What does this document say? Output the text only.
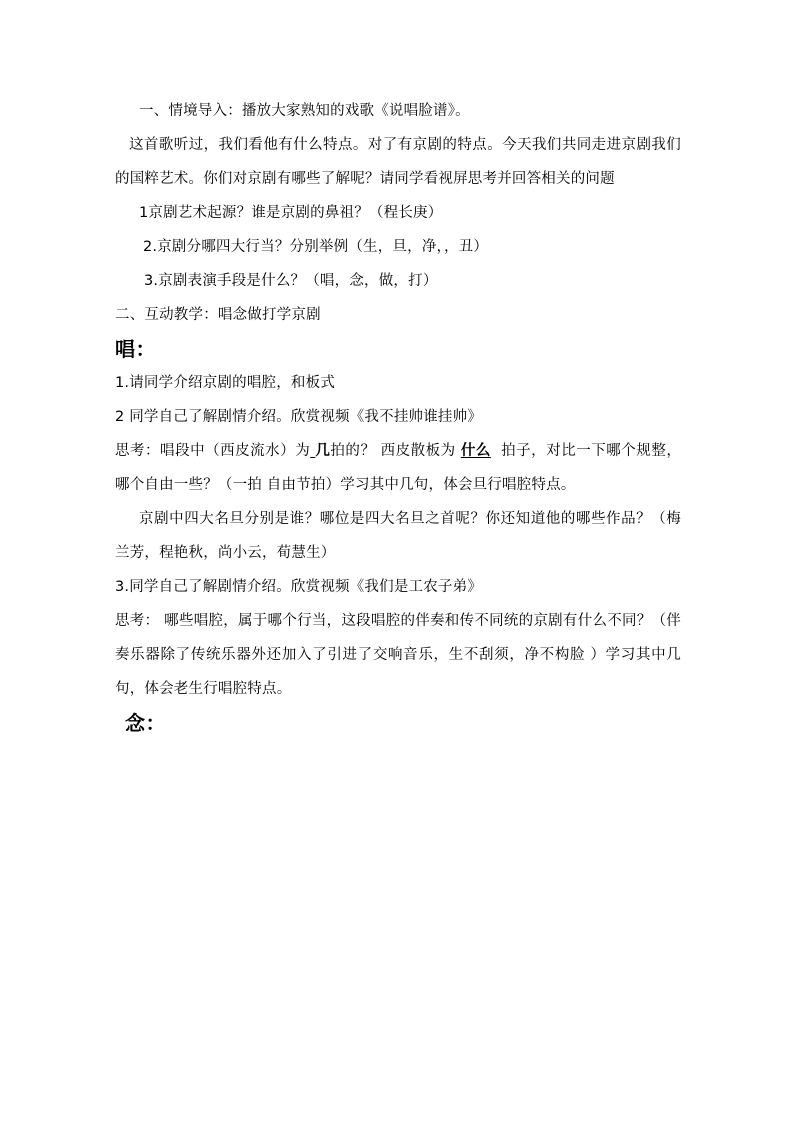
一、情境导入：播放大家熟知的戏歌《说唱脸谱》。

这首歌听过，我们看他有什么特点。对了有京剧的特点。今天我们共同走进京剧我们的国粹艺术。你们对京剧有哪些了解呢？请同学看视屏思考并回答相关的问题

1京剧艺术起源？谁是京剧的鼻祖？（程长庚）

2.京剧分哪四大行当？分别举例（生，旦，净，，丑）

3.京剧表演手段是什么？（唱，念，做，打）

二、互动教学：唱念做打学京剧

唱：

1.请同学介绍京剧的唱腔，和板式

2 同学自己了解剧情介绍。欣赏视频《我不挂帅谁挂帅》

思考：唱段中（西皮流水）为 几拍的？ 西皮散板为 什么 拍子，对比一下哪个规整，哪个自由一些？（一拍 自由节拍）学习其中几句，体会旦行唱腔特点。

京剧中四大名旦分别是谁？哪位是四大名旦之首呢？你还知道他的哪些作品？（梅兰芳，程艳秋，尚小云，荀慧生）

3.同学自己了解剧情介绍。欣赏视频《我们是工农子弟》

思考： 哪些唱腔，属于哪个行当，这段唱腔的伴奏和传不同统的京剧有什么不同？（伴奏乐器除了传统乐器外还加入了引进了交响音乐，生不刮须，净不构脸 ）学习其中几句，体会老生行唱腔特点。

念：
